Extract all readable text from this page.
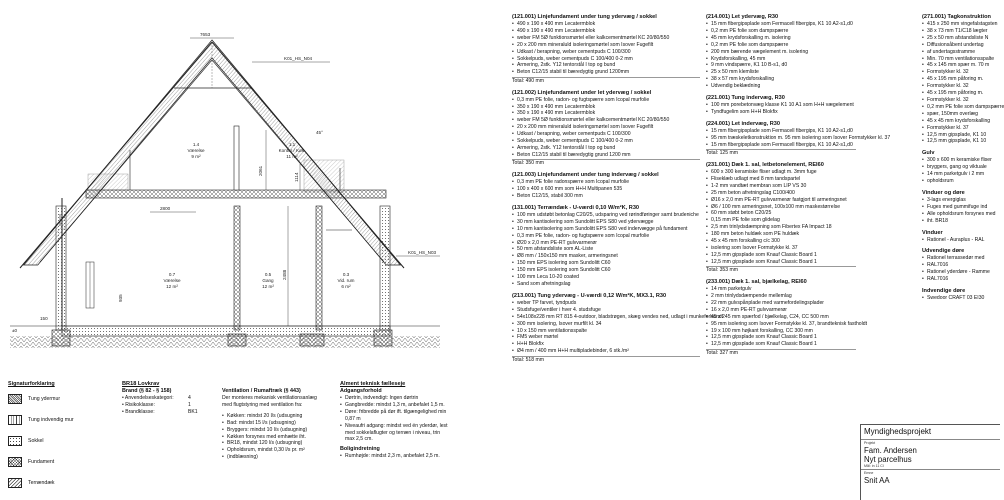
7653
K01_HS_N04
K01_HS_N03
45°
2800
2061
1114
2488
935
150
±0
1.4
Værelse
9 m²
1.1
Kontor / Køk.
11 m²
0.7
Værelse
12 m²
0.5
Gang
12 m²
0.3
Vid. rum
6 m²
Signaturforklaring
Tung ydermur
Tung indvendig mur
Sokkel
Fundament
Terrændæk
BR18 Lovkrav
Brand (§ 82 - § 158)
• Anvendelseskategori:	4
• Risikoklasse:	1
• Brandklasse:	BK1
Ventilation / Rumaftræk (§ 443)

Der monteres mekanisk ventilationsanlæg

med flugtstyring med ventilation fra:

• Køkken: mindst 20 l/s (udsugning
• Bad: mindst 15 l/s (udsugning)
• Bryggers: mindst 10 l/s (udsugning)
• Køkken forsynes med emhætte iht.
• BR18, mindst 120 l/s (udsugning)
• Opholdsrum, mindst 0,30 l/s pr. m²
• (indblæsning)
Alment teknisk fælleseje
Adgangsforhold
• Dørtrin, indvendigt: Ingen dørtrin
• Gangbredde: mindst 1,3 m, anbefalet 1,5 m.
• Døre: fribredde på dør ift. tilgængelighed min

0,87 m

• Niveaufri adgang: mindst ved én yderdør, lest

med sokkelaflugter og terræn i niveau, trin

max 2,5 cm.

Boligindretning
• Rumhøjde: mindst 2,3 m, anbefalet 2,5 m.
(121.001) Linjefundament under tung ydervæg / sokkel
• 490 x 190 x 490 mm Lecatermblok
• 490 x 190 x 490 mm Lecatermblok
• weber FM 5Ø funktionsmørtel eller kalkcementmørtel KC 20/80/550
• 20 x 200 mm mineraluld isoleringsmørtel som Isover Fugefilt
• Udkast / berapning, weber cementpuds C 100/300
• Sokkelpuds, weber cementpuds C 100/400 0-2 mm
• Armering, 2stk. Y12 tentorstål I top og bund
• Beton C12/15 stabil til bæredygtig grund 1200mm
Total: 490 mm
(121.002) Linjefundament under let ydervæg / sokkel
• 0,3 mm PE folie, radon- og fugtspærre som Icopal murfolie
• 350 x 190 x 490 mm Lecatermblok
• 350 x 190 x 490 mm Lecatermblok
• weber FM 5Ø funktionsmørtel eller kalkcementmørtel KC 20/80/550
• 20 x 200 mm mineraluld isoleringsmørtel som Isover Fugefilt
• Udkast / berapning, weber cementpuds C 100/300
• Sokkelpuds, weber cementpuds C 100/400 0-2 mm
• Armering, 2stk. Y12 tentorstål I top og bund
• Beton C12/15 stabil til bæredygtig grund 1200 mm
Total: 350 mm
(121.003) Linjefundament under tung indervæg / sokkel
• 0,3 mm PE folie radonspærre som Icopal murfolie
• 100 x 400 x 600 mm som H+H Multipanen 535
• Beton C12/15, stabil 300 mm
(131.001) Terrændæk - U-værdi 0,10 W/m²K, R30
• 100 mm udstøbt betonlag C20/25, udsparing ved rørindføringer samt brudeniche
• 30 mm kantisolering som Sundolitt EPS S80 ved ydervægge
• 10 mm kantisolering som Sundolitt EPS S80 ved indervægge på fundament
• 0,3 mm PE folie, radon- og fugtspærre som Icopal murfolie
• Ø20 x 2,0 mm PE-RT gulvvarmerør
• 50 mm afstandsliste som AL-Liste
• Ø8 mm / 150x150 mm masker, armeringsnet
• 150 mm EPS isolering som Sundolitt C60
• 150 mm EPS isolering som Sundolitt C60
• 100 mm Leca 10-20 coated
• Sand som afretningslag
(213.001) Tung ydervæg - U-værdi 0,12 W/m²K, MX3.1, R30
• weber TP farvet, tyndpuds
• Studsfuge/ventiler i hver 4. studsfuge
• 54x108x228 mm RT 815 4-outdoor, bladstrøgen, skæg vendes ned, udlagt i munkeforbandt
• 300 mm isolering, Isover murfilt kl. 34
• 10 x 150 mm ventilationsspalte
• FM5 weber mørtel
• H+H Blokfix
• Ø4 mm / 400 mm H+H multipladebinder, 6 stk./m²
Total: 518 mm
(214.001) Let ydervæg, R30
• 15 mm fibergipsplade som Fermacell fibergips, K1 10 A2-s1,d0
• 0,2 mm PE folie som dampspærre
• 45 mm krydsforskalling m. isolering
• 0,2 mm PE folie som dampspærre
• 200 mm bærende vægelement m. isolering
• Krydsforskalling, 45 mm
• 9 mm vindspærre, K1 10 B-s1, d0
• 25 x 50 mm klemliste
• 38 x 57 mm krydsforskalling
• Udvendig beklædning
(221.001) Tung indervæg, R30
• 100 mm porebetonvæg klasse K1 10 A1 som H+H vægelement
• Tyndfugelim som H+H Blokfix
(224.001) Let indervæg, R30
• 15 mm fibergipsplade som Fermacell fibergips, K1 10 A2-s1,d0
• 95 mm træskeletkonstruktion m. 95 mm isolering som Isover Formstykker kl. 37
• 15 mm fibergipsplade som Fermacell fibergips, K1 10 A2-s1,d0
Total: 125 mm
(231.001) Dæk 1. sal, letbetonelement, REI60
• 600 x 300 keramiske fliser udlagt m. 3mm fuge
• Fliseklæb udlagt med 8 mm tandspartel
• 1-2 mm vandtæt membran som LIP VS 30
• 25 mm beton afretningslag C100/400
• Ø16 x 2,0 mm PE-RT gulvvarmerør fastgjort til armeringsnet
• Ø6 / 100 mm armeringsnet, 100x100 mm maskestørrelse
• 60 mm støbt beton C20/25
• 0,15 mm PE folie som glidelag
• 2,5 mm trinlydsdæmpning som Fibertex FA Impact 18
• 180 mm beton huldæk som PE huldæk
• 45 x 45 mm forskalling c/c 300
• isolering som Isover Formstykke kl. 37
• 12,5 mm gipsplade som Knauf Classic Board 1
• 12,5 mm gipsplade som Knauf Classic Board 1
Total: 353 mm
(233.001) Dæk 1. sal, bjælkelag, REI60
• 14 mm parketgulv
• 2 mm trinlydsdæmpende mellemlag
• 22 mm gulvspånplade med varmefordelingsplader
• 16 x 2,0 mm PE-RT gulvvarmerør
• 45 x 245 mm spærfod / bjælkelag, C24, CC 500 mm
• 95 mm isolering som Isover Formstykke kl. 37, brandteknisk fastholdt
• 19 x 100 mm højkant forskalling, CC 300 mm
• 12,5 mm gipsplade som Knauf Classic Board 1
• 12,5 mm gipsplade som Knauf Classic Board 1
Total: 327 mm
(271.001) Tagkonstruktion
• 415 x 250 mm vingefalstagsten
• 38 x 73 mm T1/C18 lægter
• 25 x 50 mm afstandsliste N
• Diffusionsåbent undertag
• af undertagsstramme
• Min. 70 mm ventilationsspalte
• 45 x 145 mm spær m. 70 m
• Formstykker kl. 32
• 45 x 195 mm påforing m.
• Formstykker kl. 32
• 45 x 195 mm påforing m.
• Formstykker kl. 32
• 0,2 mm PE folie som dampspærre
• spær, 150mm overlæg
• 45 x 45 mm krydsforskalling
• Formstykker kl. 37
• 12,5 mm gipsplade, K1 10
• 12,5 mm gipsplade, K1 10
Gulv
• 300 x 600 m keramiske fliser
• bryggers, gang og viktuale
• 14 mm parketgulv i 2 mm
• opholdsrum
Vinduer og døre
• 3-lags energiglas
• Fuges med gummifuge ind
• Alle opholdsrum forsynes med
• iht. BR18
Vinduer
• Rationel - Auraplus - RAL
Udvendige døre
• Rationel terrassedør med
• RAL7016
• Rationel yderdøre - Ramme
• RAL7016
Indvendige døre
• Swedoor CRAFT 03 EI30
Myndighedsprojekt
Projekt
Fam. Andersen
Nyt parcelhus
Mål: in 11 Cl
Emne
Snit AA
